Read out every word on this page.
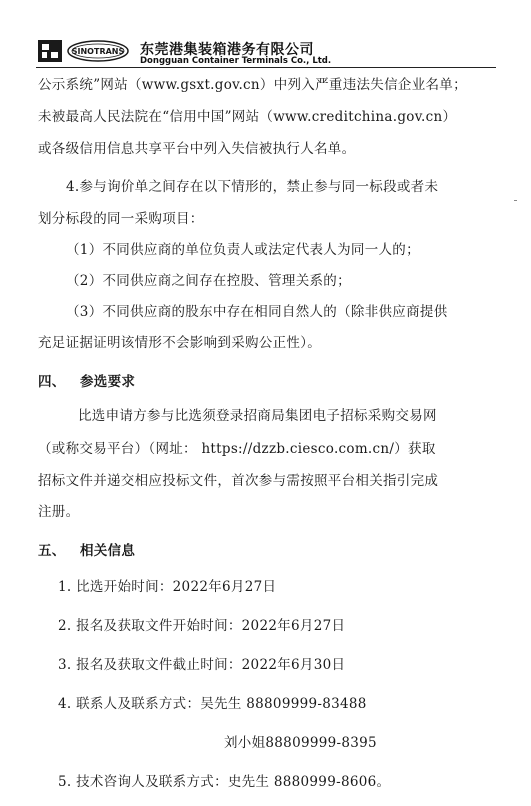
SINOTRANS 东莞港集装箱港务有限公司
Dongguan Container Terminals Co., Ltd.
公示系统”网站（www.gsxt.gov.cn）中列入严重违法失信企业名单；
未被最高人民法院在“信用中国”网站（www.creditchina.gov.cn）
或各级信用信息共享平台中列入失信被执行人名单。
4.参与询价单之间存在以下情形的，禁止参与同一标段或者未
划分标段的同一采购项目：
（1）不同供应商的单位负责人或法定代表人为同一人的；
（2）不同供应商之间存在控股、管理关系的；
（3）不同供应商的股东中存在相同自然人的（除非供应商提供
充足证据证明该情形不会影响到采购公正性）。
四、 参选要求
比选申请方参与比选须登录招商局集团电子招标采购交易网
（或称交易平台）（网址： https://dzzb.ciesco.com.cn/）获取
招标文件并递交相应投标文件，首次参与需按照平台相关指引完成
注册。
五、 相关信息
1. 比选开始时间：2022年6月27日
2. 报名及获取文件开始时间：2022年6月27日
3. 报名及获取文件截止时间：2022年6月30日
4. 联系人及联系方式：吴先生 88809999-83488
刘小姐88809999-8395
5. 技术咨询人及联系方式：史先生 8880999-8606。
